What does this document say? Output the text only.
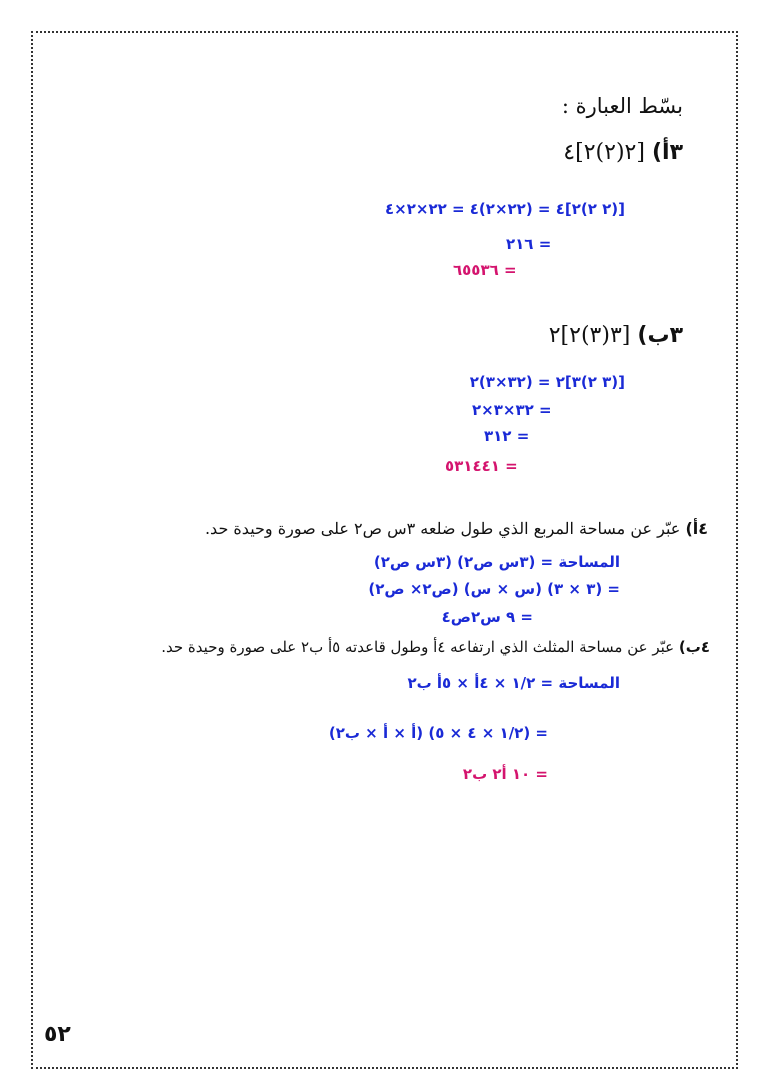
بسّط العبارة :
٣أ) [٢(٢)٢]٤
[(٢ ٢)٢]٤ = (٢٢×٢)٤ = ٢٢×٢×٤
= ٢١٦
= ٦٥٥٣٦
٣ب) [٣(٣)٢]٢
[(٣ ٢)٣]٢ = (٣٢×٣)٢
= ٣٢×٣×٢
= ٣١٢
= ٥٣١٤٤١
٤أ) عبّر عن مساحة المربع الذي طول ضلعه ٣س ص٢ على صورة وحيدة حد.
المساحة = (٣س ص٢) (٣س ص٢)
= (٣ × ٣) (س × س) (ص٢× ص٢)
= ٩ س٢ص٤
٤ب) عبّر عن مساحة المثلث الذي ارتفاعه ٤أ وطول قاعدته ٥أ ب٢ على صورة وحيدة حد.
المساحة = ١/٢ × ٤أ × ٥أ ب٢
= (١/٢ × ٤ × ٥) (أ × أ × ب٢)
= ١٠ أ٢ ب٢
٥٢
